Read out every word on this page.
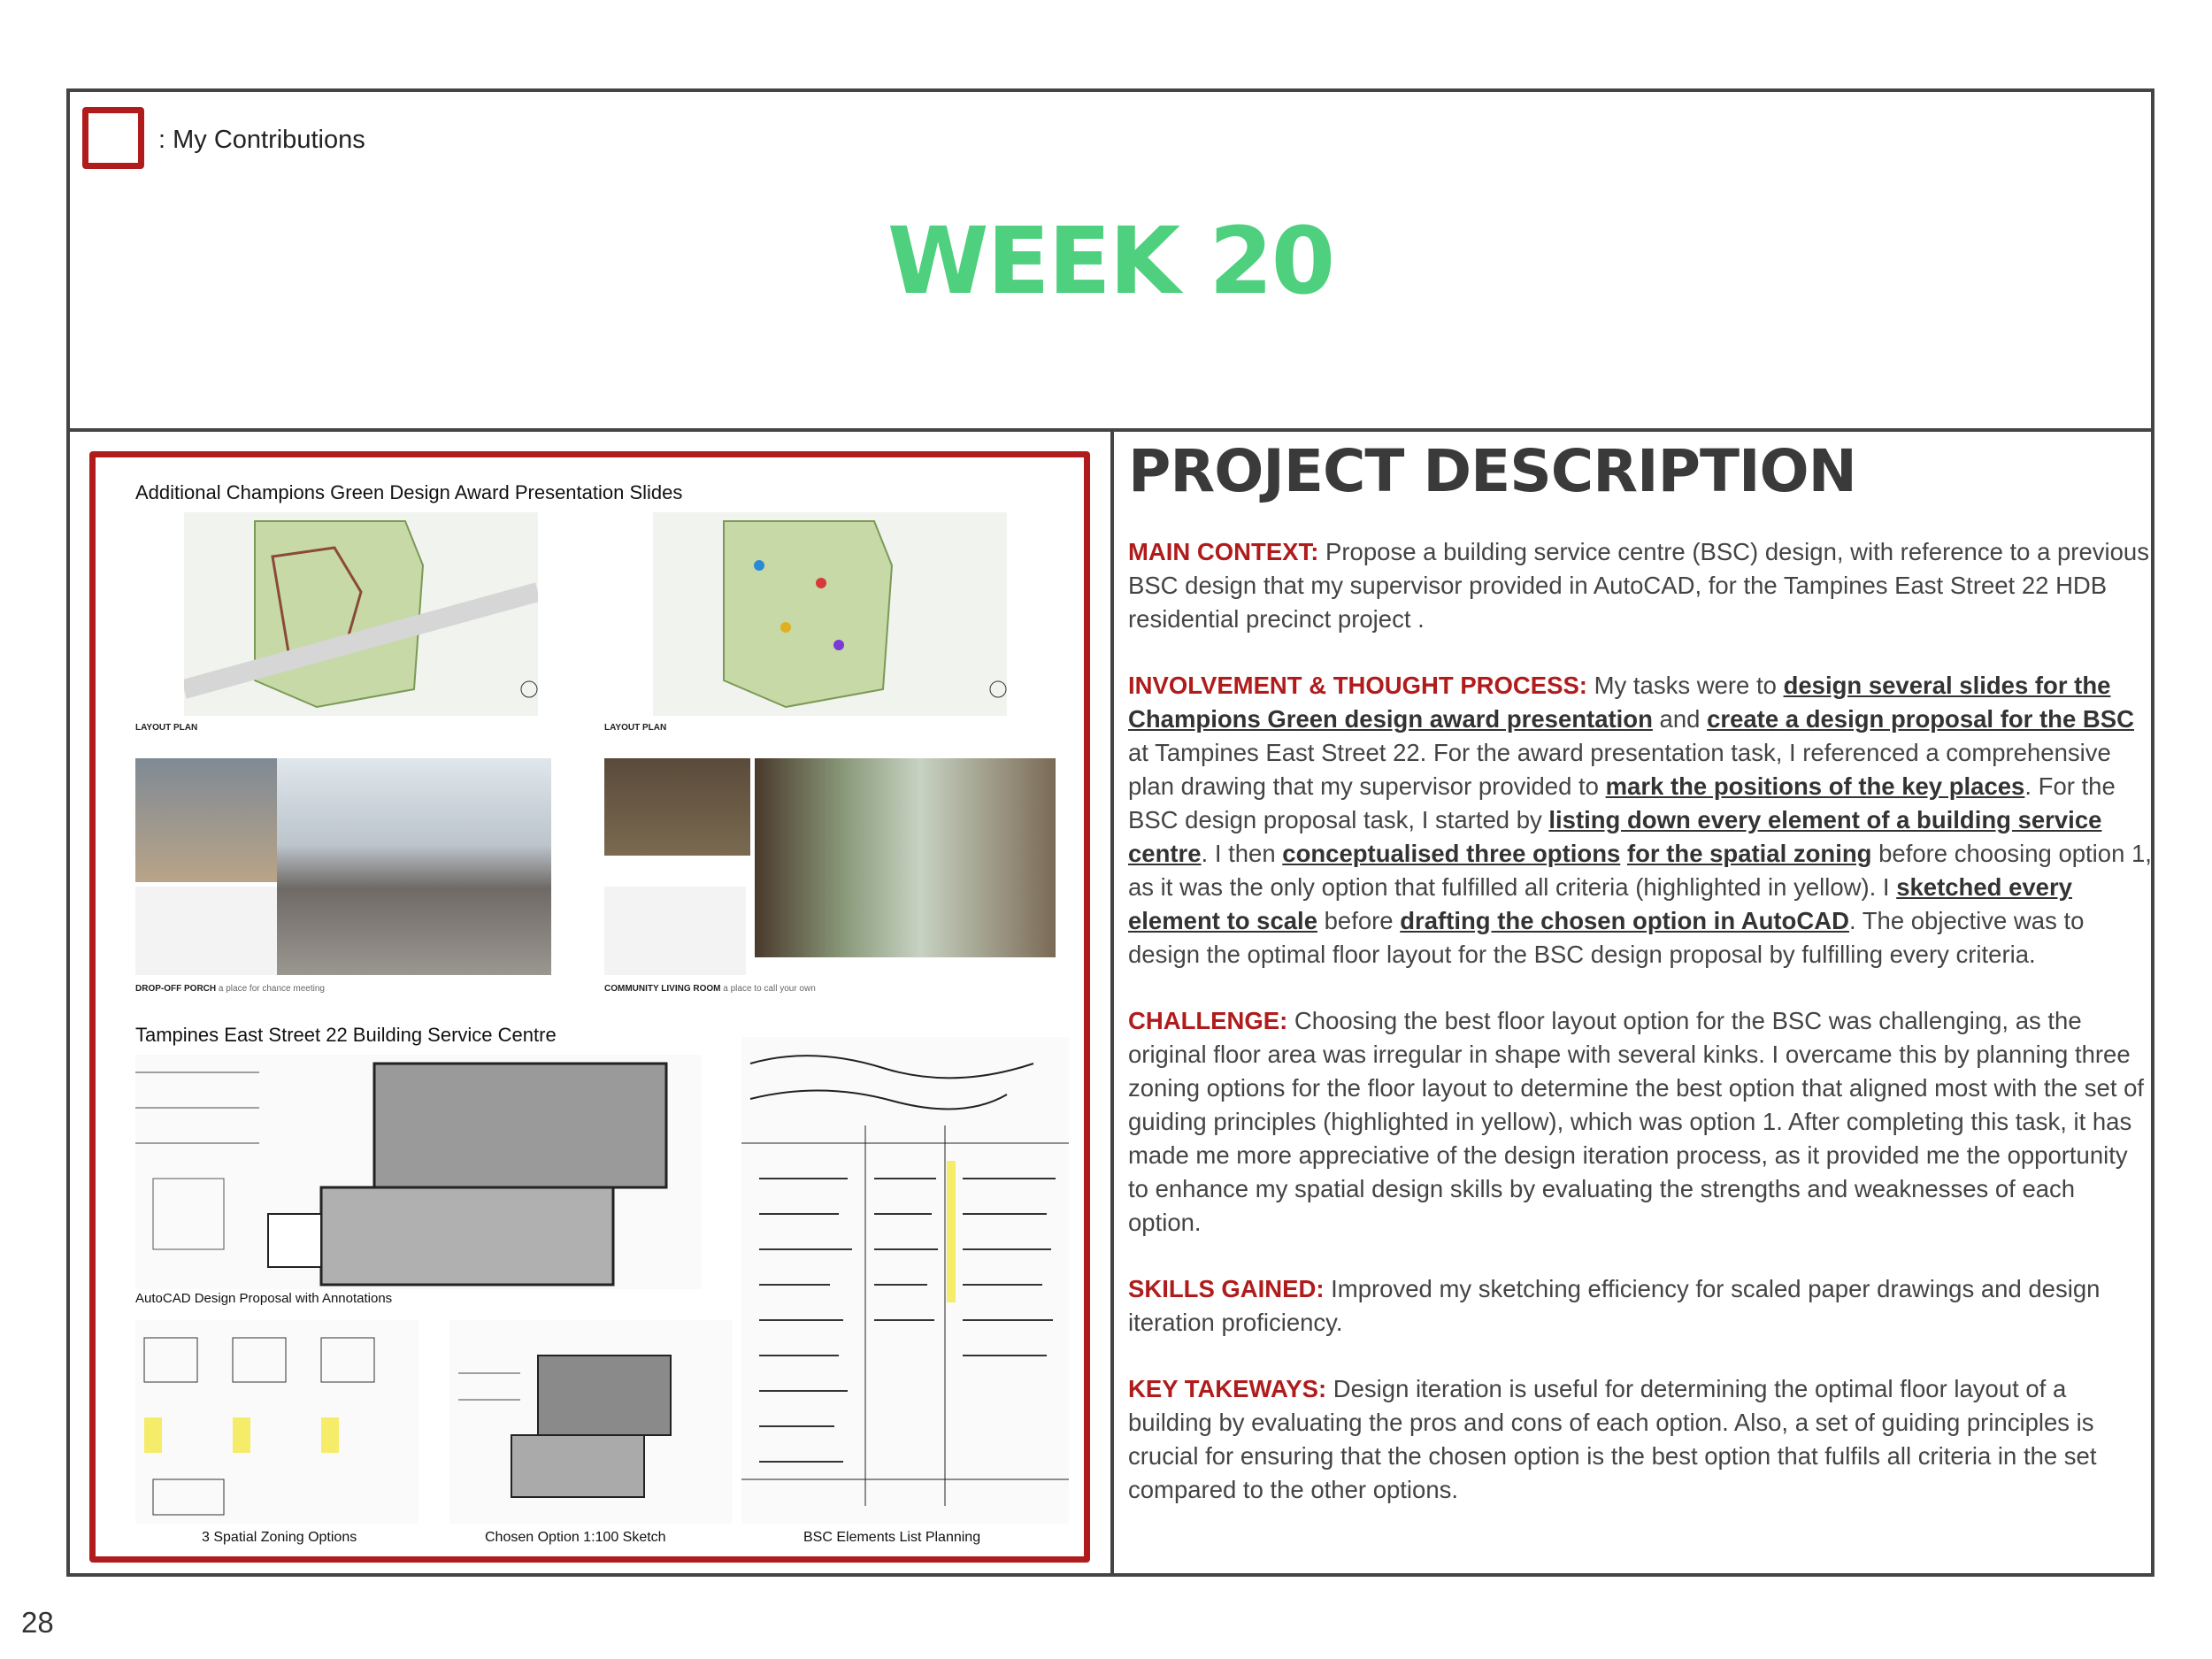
: My Contributions
WEEK 20
Additional Champions Green Design Award Presentation Slides
LAYOUT PLAN	LAYOUT PLAN
DROP-OFF PORCH a place for chance meeting	COMMUNITY LIVING ROOM a place to call your own
Tampines East Street 22 Building Service Centre
AutoCAD Design Proposal with Annotations
3 Spatial Zoning Options	Chosen Option 1:100 Sketch	BSC Elements List Planning
PROJECT DESCRIPTION

MAIN CONTEXT: Propose a building service centre (BSC) design, with reference to a previous BSC design that my supervisor provided in AutoCAD, for the Tampines East Street 22 HDB residential precinct project .

INVOLVEMENT & THOUGHT PROCESS: My tasks were to design several slides for the Champions Green design award presentation and create a design proposal for the BSC at Tampines East Street 22. For the award presentation task, I referenced a comprehensive plan drawing that my supervisor provided to mark the positions of the key places. For the BSC design proposal task, I started by listing down every element of a building service centre. I then conceptualised three options for the spatial zoning before choosing option 1, as it was the only option that fulfilled all criteria (highlighted in yellow). I sketched every element to scale before drafting the chosen option in AutoCAD. The objective was to design the optimal floor layout for the BSC design proposal by fulfilling every criteria.

CHALLENGE: Choosing the best floor layout option for the BSC was challenging, as the original floor area was irregular in shape with several kinks. I overcame this by planning three zoning options for the floor layout to determine the best option that aligned most with the set of guiding principles (highlighted in yellow), which was option 1. After completing this task, it has made me more appreciative of the design iteration process, as it provided me the opportunity to enhance my spatial design skills by evaluating the strengths and weaknesses of each option.

SKILLS GAINED: Improved my sketching efficiency for scaled paper drawings and design iteration proficiency.

KEY TAKEWAYS: Design iteration is useful for determining the optimal floor layout of a building by evaluating the pros and cons of each option. Also, a set of guiding principles is crucial for ensuring that the chosen option is the best option that fulfils all criteria in the set compared to the other options.

28
